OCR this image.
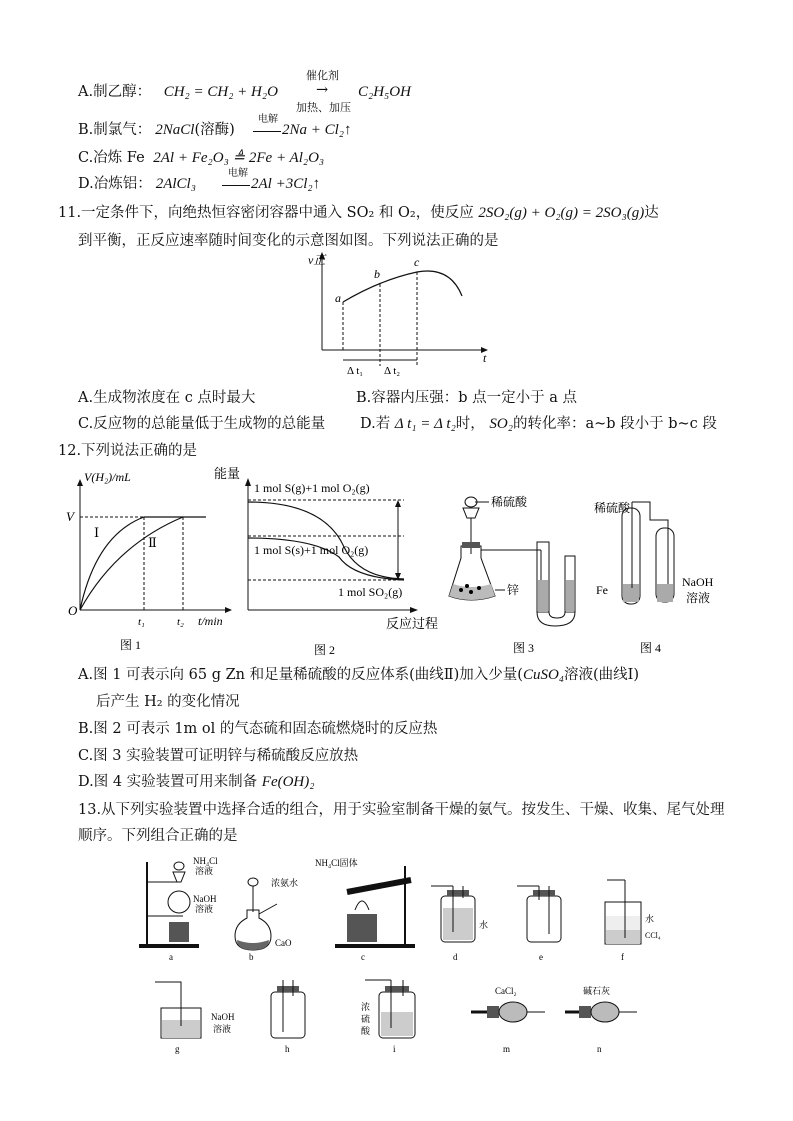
A.制乙醇： CH₂ = CH₂ + H₂O
催化剂
→
加热、加压
C₂H₅OH
B.制氯气： 2NaCl(溶酶)
电解
2Na + Cl₂↑
C.冶炼 Fe 2Al + Fe₂O₃ ≜ 2Fe + Al₂O₃
D.冶炼铝： 2AlCl₃
电解
2Al +3Cl₂↑
11.一定条件下，向绝热恒容密闭容器中通入 SO₂ 和 O₂，使反应 2SO₂(g) + O₂(g) = 2SO₃(g)达
到平衡，正反应速率随时间变化的示意图如图。下列说法正确的是
v正
t
a
b
c
Δ t₁ Δ t₂
A.生成物浓度在 c 点时最大	B.容器内压强：b 点一定小于 a 点
C.反应物的总能量低于生成物的总能量 D.若 Δ t₁ = Δ t₂时， SO₂的转化率：a~b 段小于 b~c 段
12.下列说法正确的是
V(H₂)/mL
V
Ⅰ
Ⅱ
O
t₁	t₂ t/min
图 1
能量
1 mol S(g)+1 mol O₂(g)
1 mol S(s)+1 mol O₂(g)
1 mol SO₂(g)
反应过程
图 2
稀硫酸
锌
图 3
稀硫酸
Fe
NaOH
溶液
图 4
A.图 1 可表示向 65 g Zn 和足量稀硫酸的反应体系(曲线Ⅱ)加入少量(CuSO₄溶液(曲线Ⅰ)
后产生 H₂ 的变化情况
B.图 2 可表示 1m ol 的气态硫和固态硫燃烧时的反应热
C.图 3 实验装置可证明锌与稀硫酸反应放热
D.图 4 实验装置可用来制备 Fe(OH)₂
13.从下列实验装置中选择合适的组合，用于实验室制备干燥的氨气。按发生、干燥、收集、尾气处理
顺序。下列组合正确的是
NH₄Cl
溶液
NaOH
溶液
a
浓氨水
CaO
b
NH₄Cl固体
c
水
d	e
水
CCl₄
f
NaOH
溶液
g	h
浓
硫
酸
i
CaCl₂
m
碱石灰
n
